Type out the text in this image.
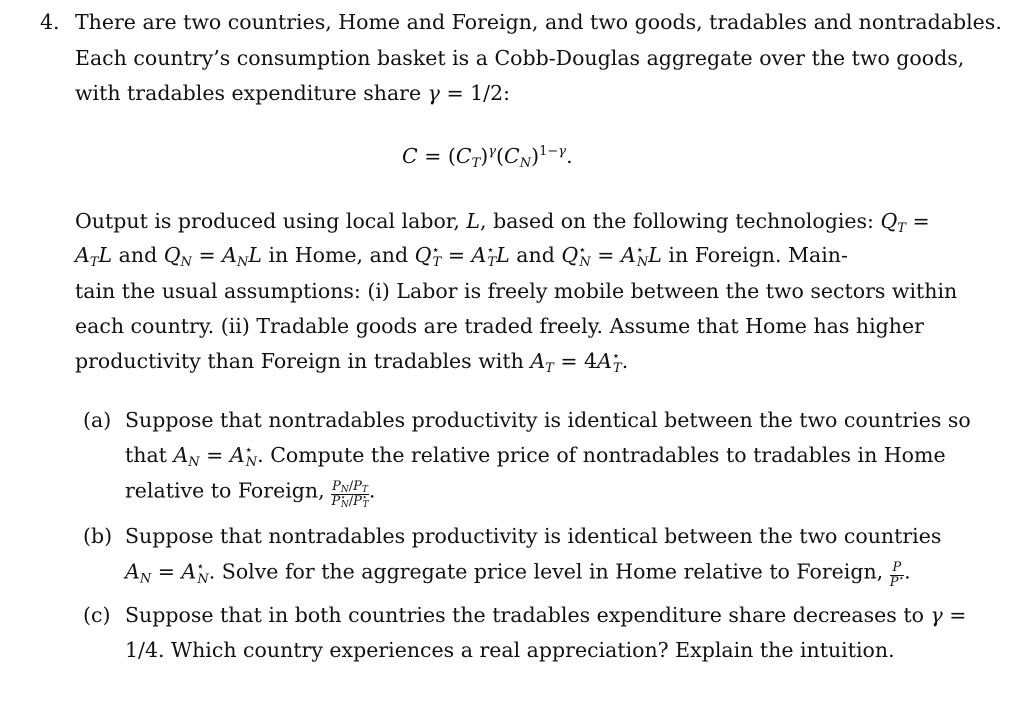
4. There are two countries, Home and Foreign, and two goods, tradables and nontradables.
Each country’s consumption basket is a Cobb-Douglas aggregate over the two goods,
with tradables expenditure share γ = 1/2:
$C = (C_T)^\gamma(C_N)^{1-\gamma}$.
Output is produced using local labor, L, based on the following technologies: $Q_T$ =
$A_TL$ and $Q_N = A_NL$ in Home, and $Q^⋆_T = A^⋆_TL$ and $Q^⋆_N = A^⋆_NL$ in Foreign. Main-
tain the usual assumptions: (i) Labor is freely mobile between the two sectors within
each country. (ii) Tradable goods are traded freely. Assume that Home has higher
productivity than Foreign in tradables with $A_T = 4A^⋆_T$.
(a) Suppose that nontradables productivity is identical between the two countries so
that $A_N = A^⋆_N$. Compute the relative price of nontradables to tradables in Home
relative to Foreign, $\frac{P_N/P_T}{P^⋆_N/P^⋆_T}$ .
(b) Suppose that nontradables productivity is identical between the two countries
$A_N = A^⋆_N$. Solve for the aggregate price level in Home relative to Foreign, $\frac{P}{P^⋆}$ .
(c) Suppose that in both countries the tradables expenditure share decreases to γ =
1/4. Which country experiences a real appreciation? Explain the intuition.
